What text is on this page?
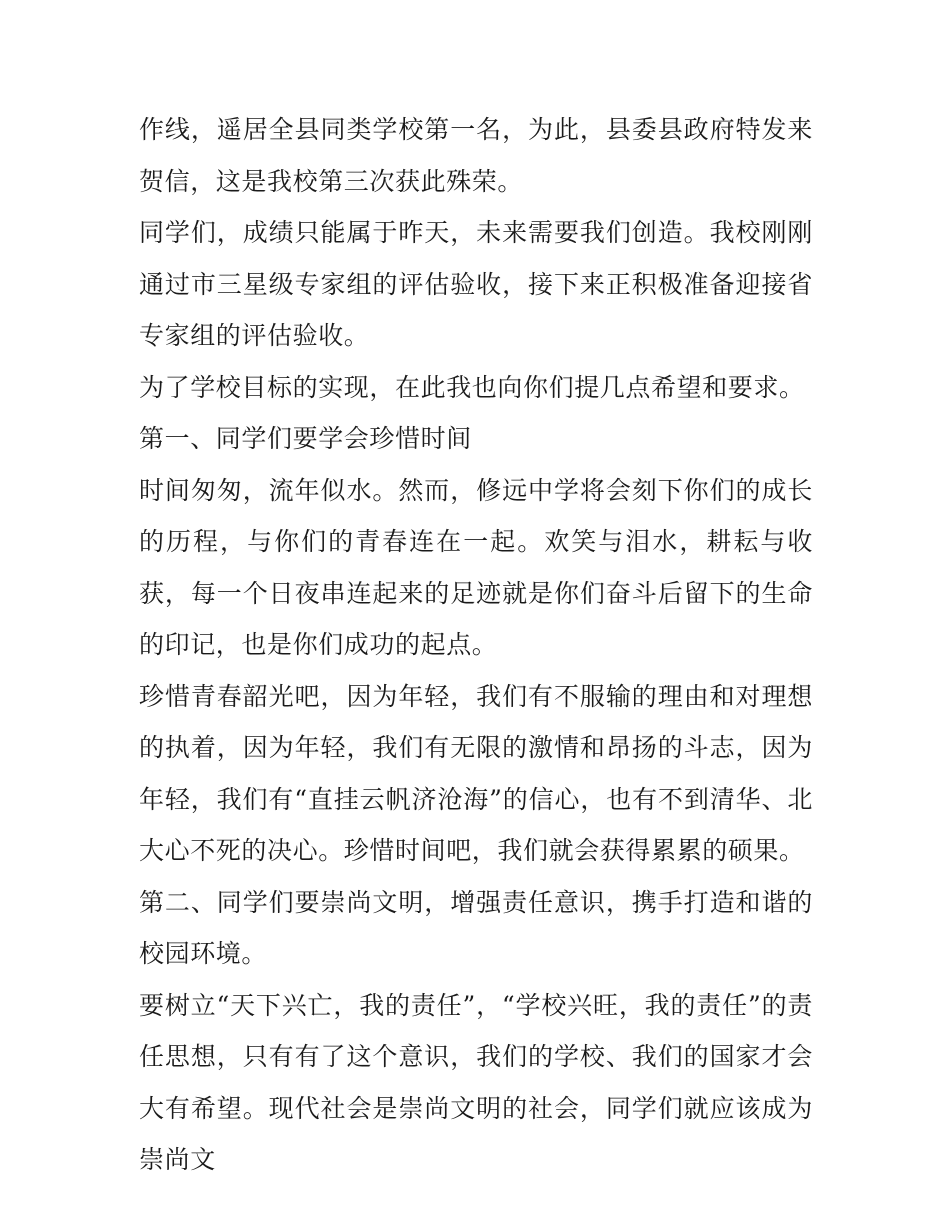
作线，遥居全县同类学校第一名，为此，县委县政府特发来贺信，这是我校第三次获此殊荣。

同学们，成绩只能属于昨天，未来需要我们创造。我校刚刚通过市三星级专家组的评估验收，接下来正积极准备迎接省专家组的评估验收。

为了学校目标的实现，在此我也向你们提几点希望和要求。

第一、同学们要学会珍惜时间

时间匆匆，流年似水。然而，修远中学将会刻下你们的成长的历程，与你们的青春连在一起。欢笑与泪水，耕耘与收获，每一个日夜串连起来的足迹就是你们奋斗后留下的生命的印记，也是你们成功的起点。

珍惜青春韶光吧，因为年轻，我们有不服输的理由和对理想的执着，因为年轻，我们有无限的激情和昂扬的斗志，因为年轻，我们有“直挂云帆济沧海”的信心，也有不到清华、北大心不死的决心。珍惜时间吧，我们就会获得累累的硕果。

第二、同学们要崇尚文明，增强责任意识，携手打造和谐的校园环境。

要树立“天下兴亡，我的责任”，“学校兴旺，我的责任”的责任思想，只有有了这个意识，我们的学校、我们的国家才会大有希望。现代社会是崇尚文明的社会，同学们就应该成为崇尚文
